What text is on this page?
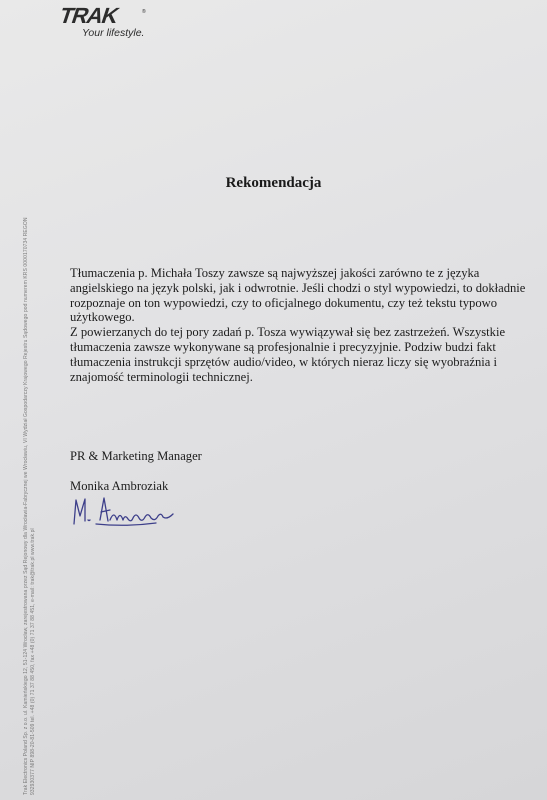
TRAK	®
Your lifestyle.
Trak Electronics Poland Sp. z o.o. ul. Kamieńskiego 12, 51-124 Wrocław, zarejestrowana przez Sąd Rejonowy dla Wrocławia-Fabrycznej we Wrocławiu, VI Wydział Gospodarczy Krajowego Rejestru Sądowego pod numerem KRS 0000170734 REGON 932930377 NIP 898-20-81-509 tel. +48 (0) 71 37 88 450, fax +48 (0) 71 37 88 451, e-mail: trak@trak.pl www.trak.pl
Rekomendacja
Tłumaczenia p. Michała Toszy zawsze są najwyższej jakości zarówno te z języka
angielskiego na język polski, jak i odwrotnie. Jeśli chodzi o styl wypowiedzi, to dokładnie
rozpoznaje on ton wypowiedzi, czy to oficjalnego dokumentu, czy też tekstu typowo
użytkowego.
Z powierzanych do tej pory zadań p. Tosza wywiązywał się bez zastrzeżeń. Wszystkie
tłumaczenia zawsze wykonywane są profesjonalnie i precyzyjnie. Podziw budzi fakt
tłumaczenia instrukcji sprzętów audio/video, w których nieraz liczy się wyobraźnia i
znajomość terminologii technicznej.
PR & Marketing Manager
Monika Ambroziak
